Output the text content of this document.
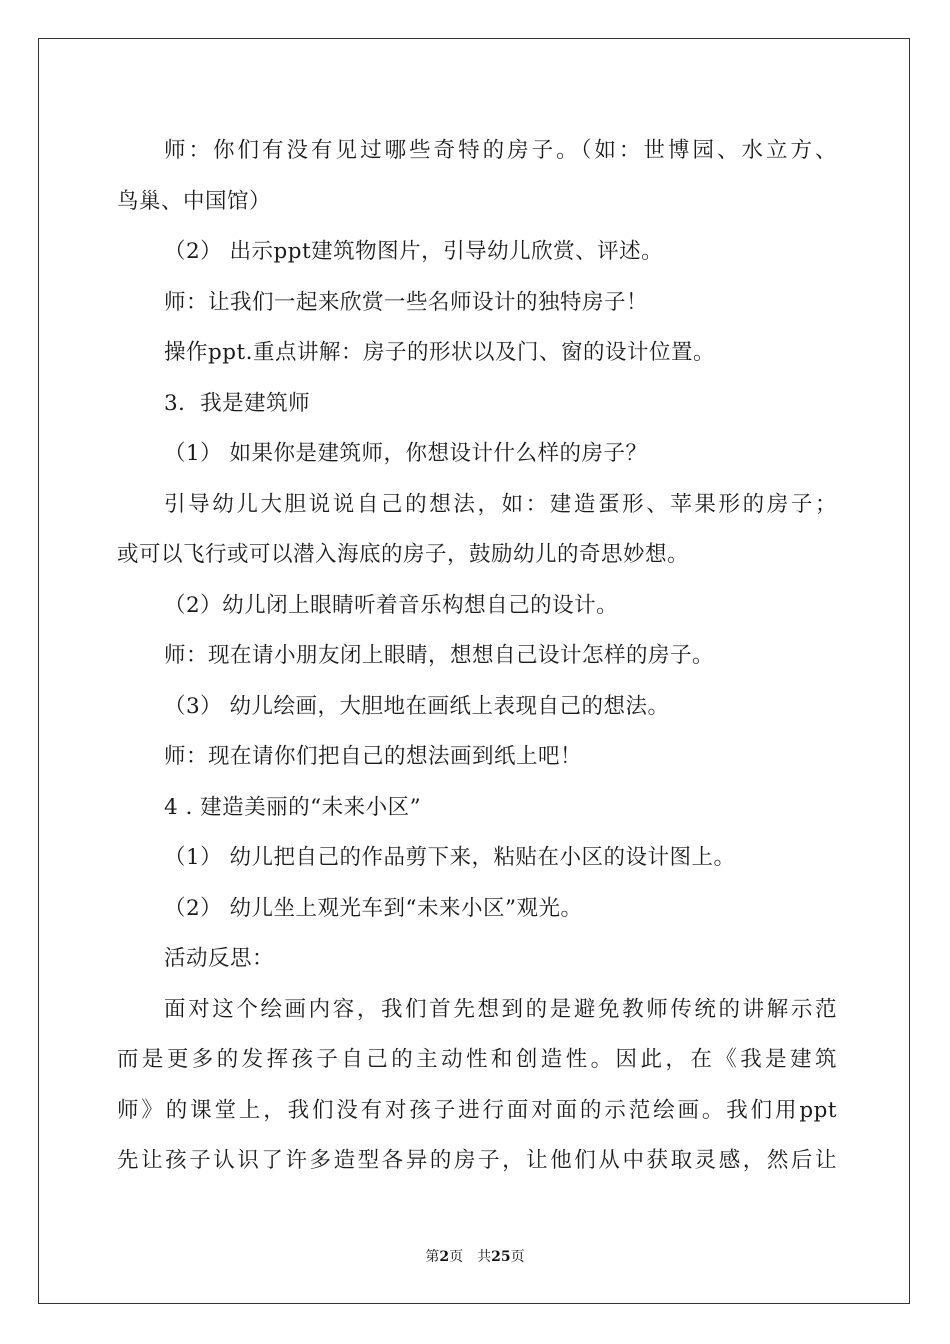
师：你们有没有见过哪些奇特的房子。（如：世博园、水立方、
鸟巢、中国馆）
（2） 出示ppt建筑物图片，引导幼儿欣赏、评述。
师：让我们一起来欣赏一些名师设计的独特房子！
操作ppt.重点讲解：房子的形状以及门、窗的设计位置。
3．我是建筑师
（1） 如果你是建筑师，你想设计什么样的房子？
引导幼儿大胆说说自己的想法，如：建造蛋形、苹果形的房子；
或可以飞行或可以潜入海底的房子，鼓励幼儿的奇思妙想。
（2）幼儿闭上眼睛听着音乐构想自己的设计。
师：现在请小朋友闭上眼睛，想想自己设计怎样的房子。
（3） 幼儿绘画，大胆地在画纸上表现自己的想法。
师：现在请你们把自己的想法画到纸上吧！
4 . 建造美丽的“未来小区”
（1） 幼儿把自己的作品剪下来，粘贴在小区的设计图上。
（2） 幼儿坐上观光车到“未来小区”观光。
活动反思：
面对这个绘画内容，我们首先想到的是避免教师传统的讲解示范
而是更多的发挥孩子自己的主动性和创造性。因此，在《我是建筑
师》的课堂上，我们没有对孩子进行面对面的示范绘画。我们用ppt
先让孩子认识了许多造型各异的房子，让他们从中获取灵感，然后让
第2页 共25页
